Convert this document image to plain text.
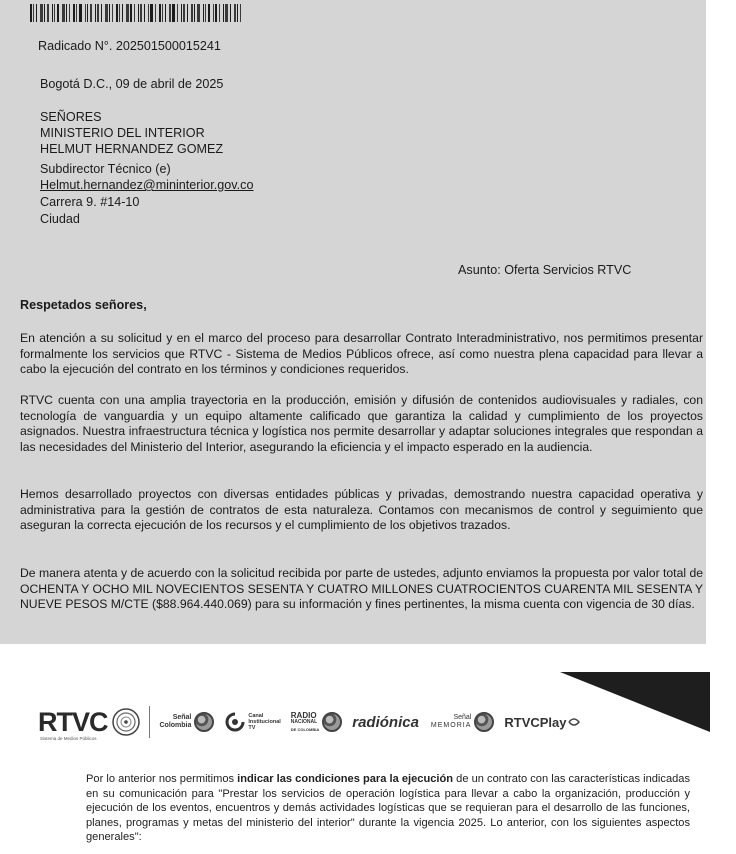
Radicado N°. 202501500015241
Bogotá D.C., 09 de abril de 2025
SEÑORES
MINISTERIO DEL INTERIOR
HELMUT HERNANDEZ GOMEZ
Subdirector Técnico (e)
Helmut.hernandez@mininterior.gov.co
Carrera 9. #14-10
Ciudad
Asunto: Oferta Servicios RTVC
Respetados señores,
En atención a su solicitud y en el marco del proceso para desarrollar Contrato Interadministrativo, nos permitimos presentar formalmente los servicios que RTVC - Sistema de Medios Públicos ofrece, así como nuestra plena capacidad para llevar a cabo la ejecución del contrato en los términos y condiciones requeridos.
RTVC cuenta con una amplia trayectoria en la producción, emisión y difusión de contenidos audiovisuales y radiales, con tecnología de vanguardia y un equipo altamente calificado que garantiza la calidad y cumplimiento de los proyectos asignados. Nuestra infraestructura técnica y logística nos permite desarrollar y adaptar soluciones integrales que respondan a las necesidades del Ministerio del Interior, asegurando la eficiencia y el impacto esperado en la audiencia.
Hemos desarrollado proyectos con diversas entidades públicas y privadas, demostrando nuestra capacidad operativa y administrativa para la gestión de contratos de esta naturaleza. Contamos con mecanismos de control y seguimiento que aseguran la correcta ejecución de los recursos y el cumplimiento de los objetivos trazados.
De manera atenta y de acuerdo con la solicitud recibida por parte de ustedes, adjunto enviamos la propuesta por valor total de OCHENTA Y OCHO MIL NOVECIENTOS SESENTA Y CUATRO MILLONES CUATROCIENTOS CUARENTA MIL SESENTA Y NUEVE PESOS M/CTE ($88.964.440.069) para su información y fines pertinentes, la misma cuenta con vigencia de 30 días.
RTVC
Sistema de Medios Públicos
Señal
Colombia
Canal
Institucional
TV
RADIO
NACIONAL
DE COLOMBIA radiónica	Señal
MEMORIA	RTVCPlay
Por lo anterior nos permitimos indicar las condiciones para la ejecución de un contrato con las características indicadas en su comunicación para "Prestar los servicios de operación logística para llevar a cabo la organización, producción y ejecución de los eventos, encuentros y demás actividades logísticas que se requieran para el desarrollo de las funciones, planes, programas y metas del ministerio del interior" durante la vigencia 2025. Lo anterior, con los siguientes aspectos generales":
